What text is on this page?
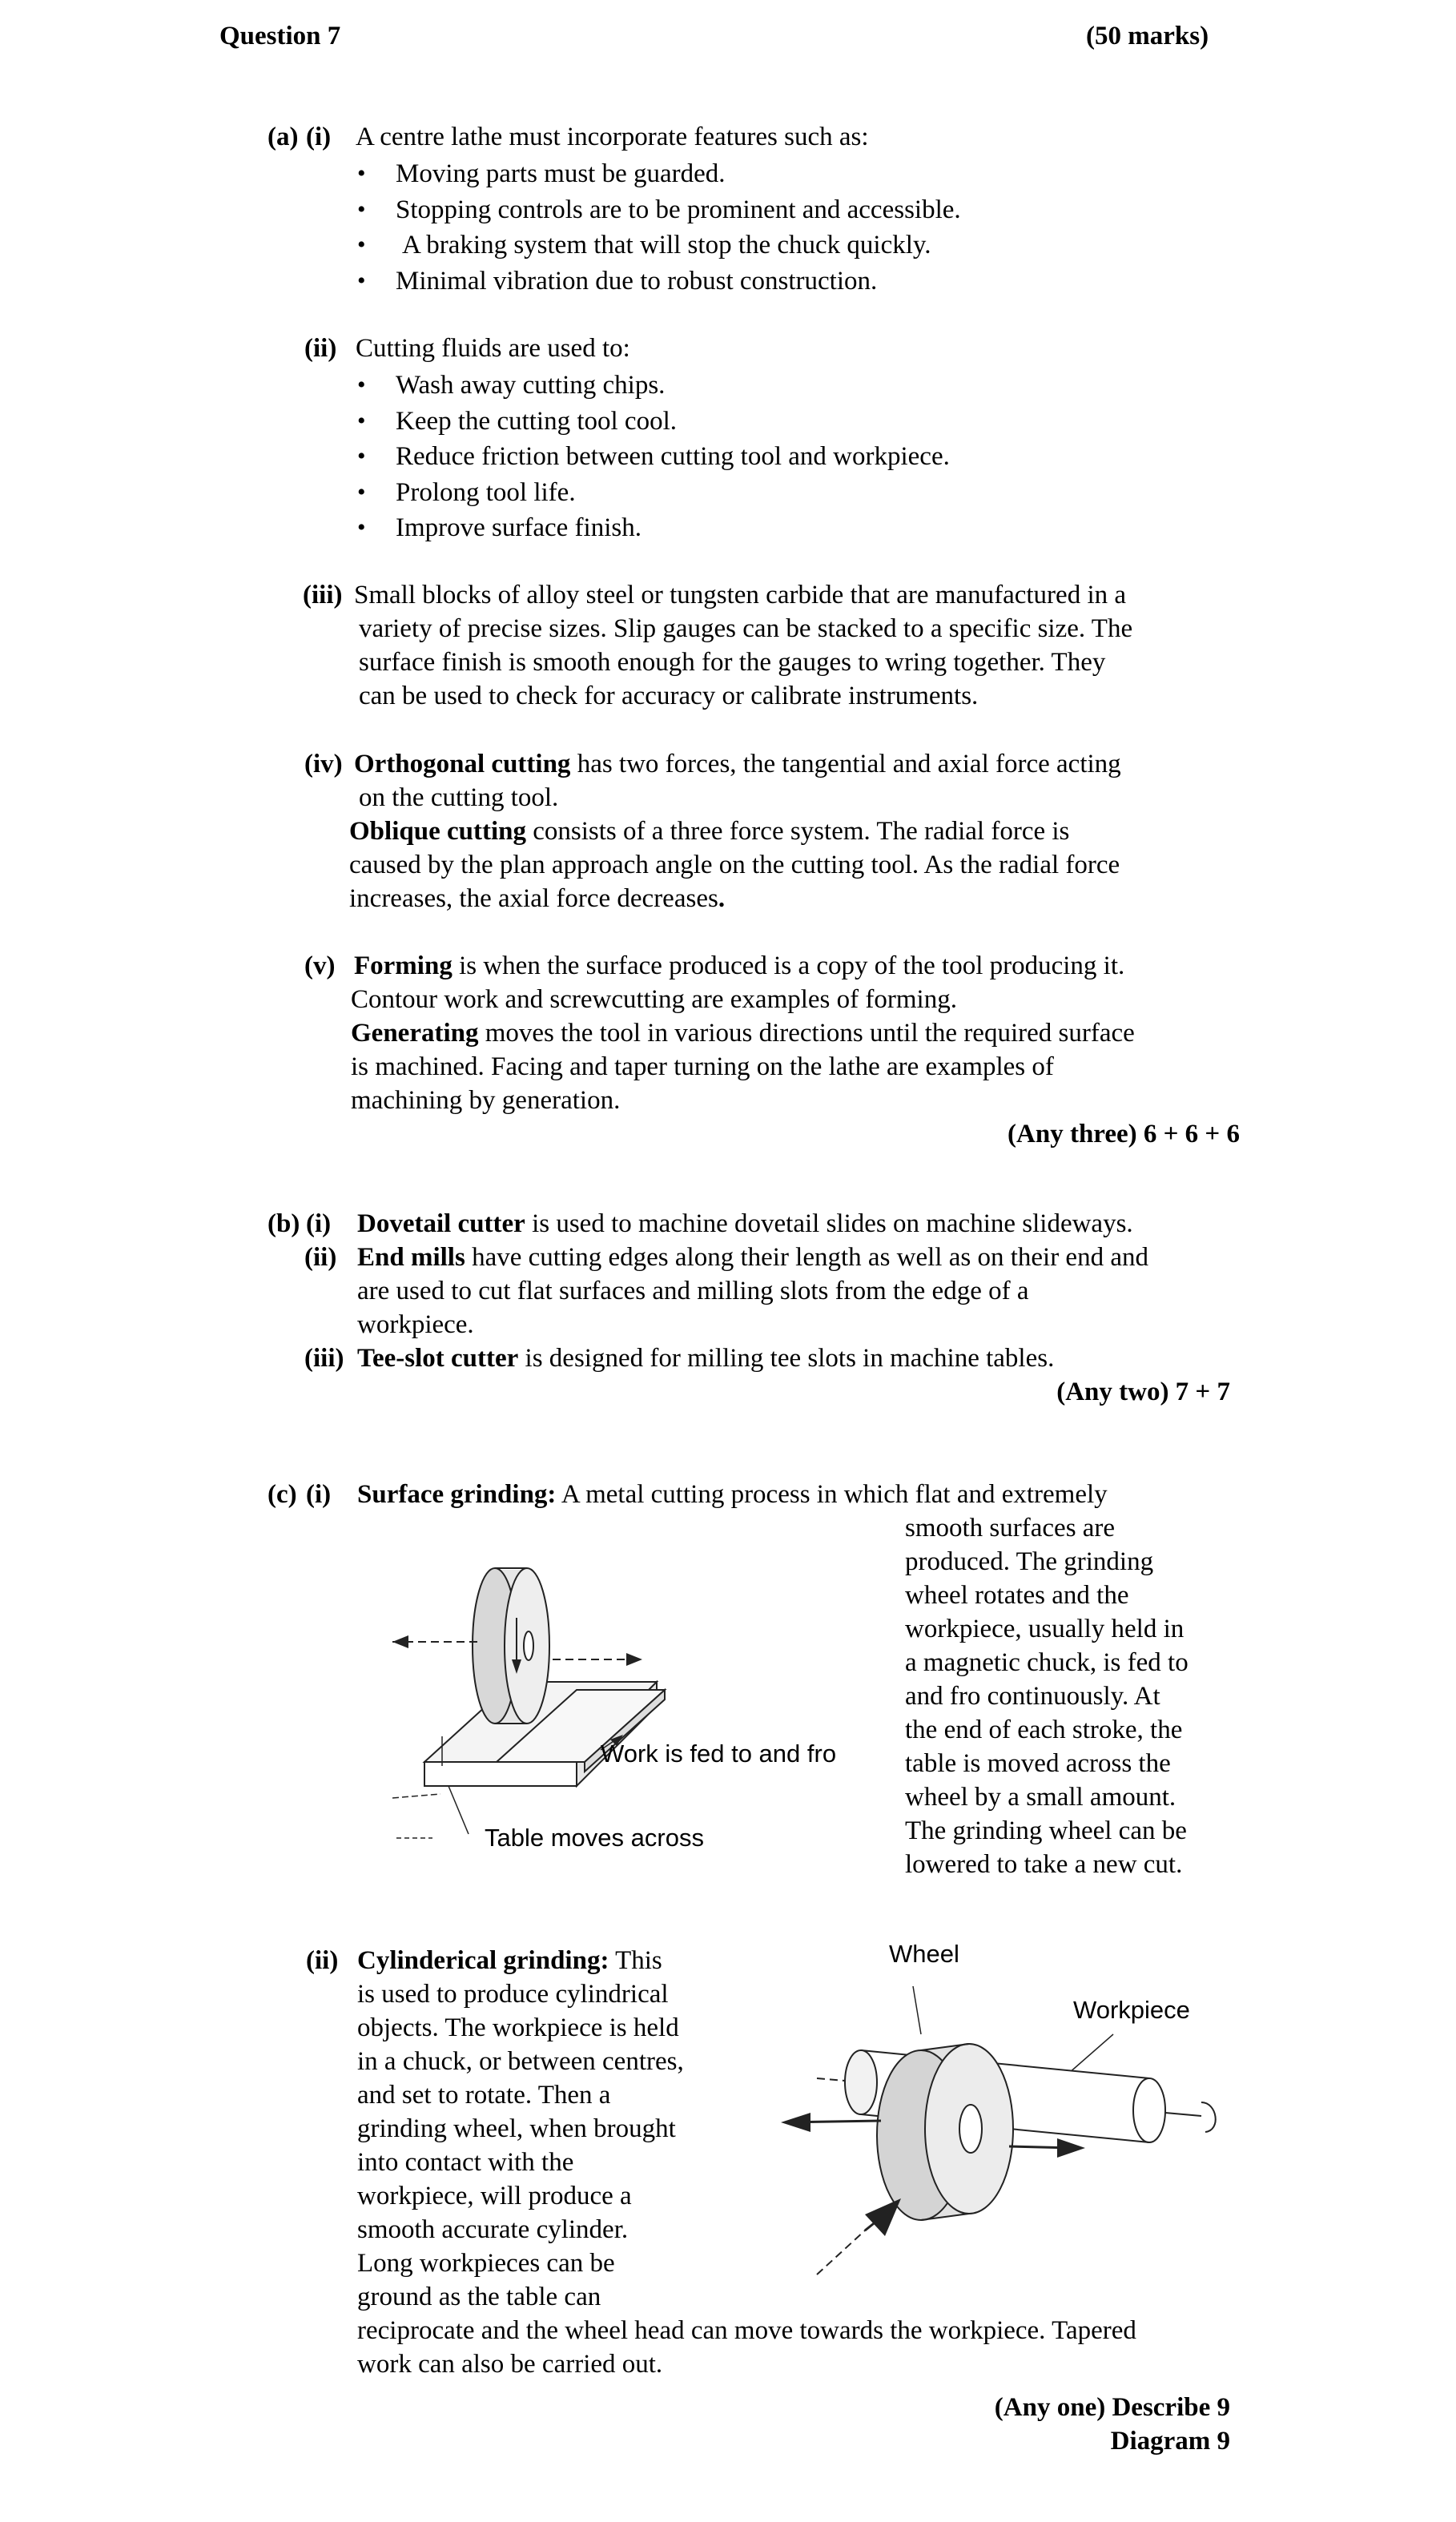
Question 7	(50 marks)
(a) (i) A centre lathe must incorporate features such as:
• Moving parts must be guarded.
• Stopping controls are to be prominent and accessible.
• A braking system that will stop the chuck quickly.
• Minimal vibration due to robust construction.
(ii) Cutting fluids are used to:
• Wash away cutting chips.
• Keep the cutting tool cool.
• Reduce friction between cutting tool and workpiece.
• Prolong tool life.
• Improve surface finish.
(iii) Small blocks of alloy steel or tungsten carbide that are manufactured in a

variety of precise sizes. Slip gauges can be stacked to a specific size. The

surface finish is smooth enough for the gauges to wring together. They

can be used to check for accuracy or calibrate instruments.

(iv) Orthogonal cutting has two forces, the tangential and axial force acting

on the cutting tool.

Oblique cutting consists of a three force system. The radial force is

caused by the plan approach angle on the cutting tool. As the radial force

increases, the axial force decreases.

(v) Forming is when the surface produced is a copy of the tool producing it.

Contour work and screwcutting are examples of forming.

Generating moves the tool in various directions until the required surface

is machined. Facing and taper turning on the lathe are examples of

machining by generation.

(Any three) 6 + 6 + 6
(b) (i) Dovetail cutter is used to machine dovetail slides on machine slideways.
(ii) End mills have cutting edges along their length as well as on their end and

are used to cut flat surfaces and milling slots from the edge of a

workpiece.

(iii) Tee-slot cutter is designed for milling tee slots in machine tables.
(Any two) 7 + 7
(c) (i) Surface grinding: A metal cutting process in which flat and extremely

smooth surfaces are

produced. The grinding

wheel rotates and the

workpiece, usually held in

a magnetic chuck, is fed to

and fro continuously. At

the end of each stroke, the

table is moved across the

wheel by a small amount.

The grinding wheel can be

lowered to take a new cut.

Work is fed to and fro
Table moves across
(ii) Cylinderical grinding: This

is used to produce cylindrical

objects. The workpiece is held

in a chuck, or between centres,

and set to rotate. Then a

grinding wheel, when brought

into contact with the

workpiece, will produce a

smooth accurate cylinder.

Long workpieces can be

ground as the table can

reciprocate and the wheel head can move towards the workpiece. Tapered

work can also be carried out.

Wheel
Workpiece
(Any one) Describe 9
Diagram 9
